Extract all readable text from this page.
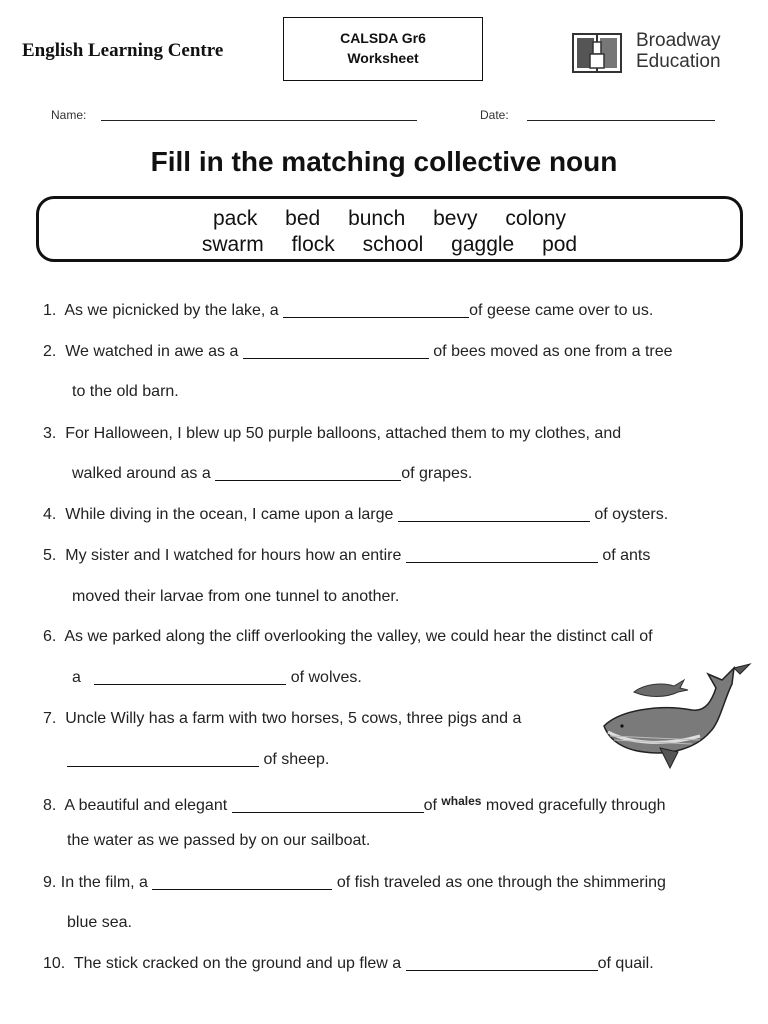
English Learning Centre
CALSDA Gr6
Worksheet
Broadway
Education
Name:	Date:
Fill in the matching collective noun
pack bed bunch bevy colony
swarm flock school gaggle pod
1. As we picnicked by the lake, a	of geese came over to us.
2. We watched in awe as a	of bees moved as one from a tree
to the old barn.
3. For Halloween, I blew up 50 purple balloons, attached them to my clothes, and
walked around as a	of grapes.
4. While diving in the ocean, I came upon a large	of oysters.
5. My sister and I watched for hours how an entire	of ants
moved their larvae from one tunnel to another.
6. As we parked along the cliff overlooking the valley, we could hear the distinct call of
a	of wolves.
7. Uncle Willy has a farm with two horses, 5 cows, three pigs and a
of sheep.
8. A beautiful and elegant	of $^{whales}$ moved gracefully through
the water as we passed by on our sailboat.
9. In the film, a	of fish traveled as one through the shimmering
blue sea.
10. The stick cracked on the ground and up flew a	of quail.
